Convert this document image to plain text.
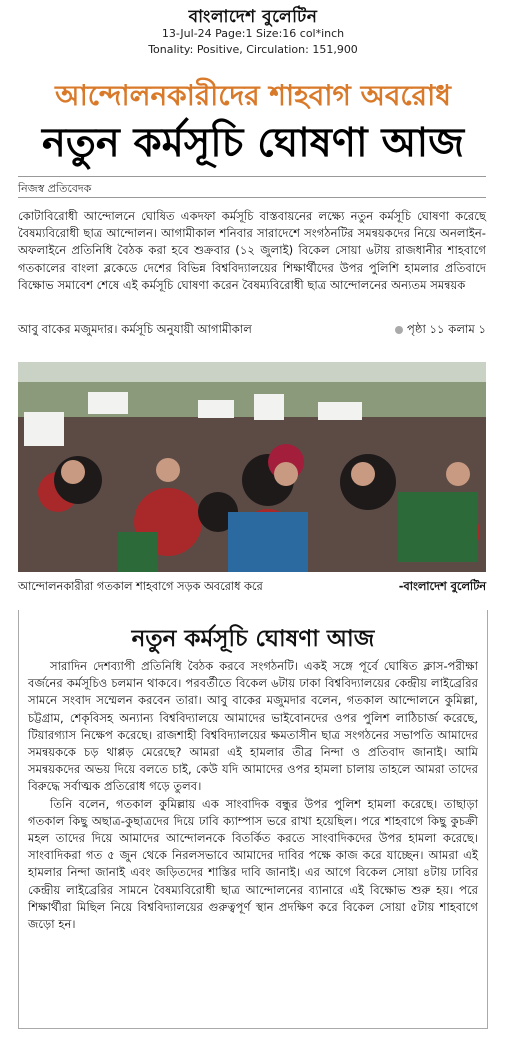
বাংলাদেশ বুলেটিন
13-Jul-24 Page:1 Size:16 col*inch
Tonality: Positive, Circulation: 151,900
আন্দোলনকারীদের শাহবাগ অবরোধ
নতুন কর্মসূচি ঘোষণা আজ
নিজস্ব প্রতিবেদক
কোটাবিরোধী আন্দোলনে ঘোষিত একদফা কর্মসূচি বাস্তবায়নের লক্ষ্যে নতুন কর্মসূচি ঘোষণা করেছে বৈষম্যবিরোধী ছাত্র আন্দোলন। আগামীকাল শনিবার সারাদেশে সংগঠনটির সমন্বয়কদের নিয়ে অনলাইন-অফলাইনে প্রতিনিধি বৈঠক করা হবে শুক্রবার (১২ জুলাই) বিকেল সোয়া ৬টায় রাজধানীর শাহবাগে গতকালের বাংলা ব্লকেডে দেশের বিভিন্ন বিশ্ববিদ্যালয়ের শিক্ষার্থীদের উপর পুলিশি হামলার প্রতিবাদে বিক্ষোভ সমাবেশ শেষে এই কর্মসূচি ঘোষণা করেন বৈষম্যবিরোধী ছাত্র আন্দোলনের অন্যতম সমন্বয়ক
আবু বাকের মজুমদার। কর্মসূচি অনুযায়ী আগামীকাল	পৃষ্ঠা ১১ কলাম ১
আন্দোলনকারীরা গতকাল শাহবাগে সড়ক অবরোধ করে	-বাংলাদেশ বুলেটিন
নতুন কর্মসূচি ঘোষণা আজ

সারাদিন দেশব্যাপী প্রতিনিধি বৈঠক করবে সংগঠনটি। একই সঙ্গে পূর্বে ঘোষিত ক্লাস-পরীক্ষা বর্জনের কর্মসূচিও চলমান থাকবে। পরবর্তীতে বিকেল ৬টায় ঢাকা বিশ্ববিদ্যালয়ের কেন্দ্রীয় লাইব্রেরির সামনে সংবাদ সম্মেলন করবেন তারা। আবু বাকের মজুমদার বলেন, গতকাল আন্দোলনে কুমিল্লা, চট্টগ্রাম, শেকৃবিসহ অন্যান্য বিশ্ববিদ্যালয়ে আমাদের ভাইবোনদের ওপর পুলিশ লাঠিচার্জ করেছে, টিয়ারগ্যাস নিক্ষেপ করেছে। রাজশাহী বিশ্ববিদ্যালয়ের ক্ষমতাসীন ছাত্র সংগঠনের সভাপতি আমাদের সমন্বয়ককে চড় থাপ্পড় মেরেছে? আমরা এই হামলার তীব্র নিন্দা ও প্রতিবাদ জানাই। আমি সমন্বয়কদের অভয় দিয়ে বলতে চাই, কেউ যদি আমাদের ওপর হামলা চালায় তাহলে আমরা তাদের বিরুদ্ধে সর্বাত্মক প্রতিরোধ গড়ে তুলব।

তিনি বলেন, গতকাল কুমিল্লায় এক সাংবাদিক বন্ধুর উপর পুলিশ হামলা করেছে। তাছাড়া গতকাল কিছু অছাত্র-কুছাত্রদের দিয়ে ঢাবি ক্যাম্পাস ভরে রাখা হয়েছিল। পরে শাহবাগে কিছু কুচক্রী মহল তাদের দিয়ে আমাদের আন্দোলনকে বিতর্কিত করতে সাংবাদিকদের উপর হামলা করেছে। সাংবাদিকরা গত ৫ জুন থেকে নিরলসভাবে আমাদের দাবির পক্ষে কাজ করে যাচ্ছেন। আমরা এই হামলার নিন্দা জানাই এবং জড়িতদের শাস্তির দাবি জানাই। এর আগে বিকেল সোয়া ৪টায় ঢাবির কেন্দ্রীয় লাইব্রেরির সামনে বৈষম্যবিরোধী ছাত্র আন্দোলনের ব্যানারে এই বিক্ষোভ শুরু হয়। পরে শিক্ষার্থীরা মিছিল নিয়ে বিশ্ববিদ্যালয়ের গুরুত্বপূর্ণ স্থান প্রদক্ষিণ করে বিকেল সোয়া ৫টায় শাহবাগে জড়ো হন।
